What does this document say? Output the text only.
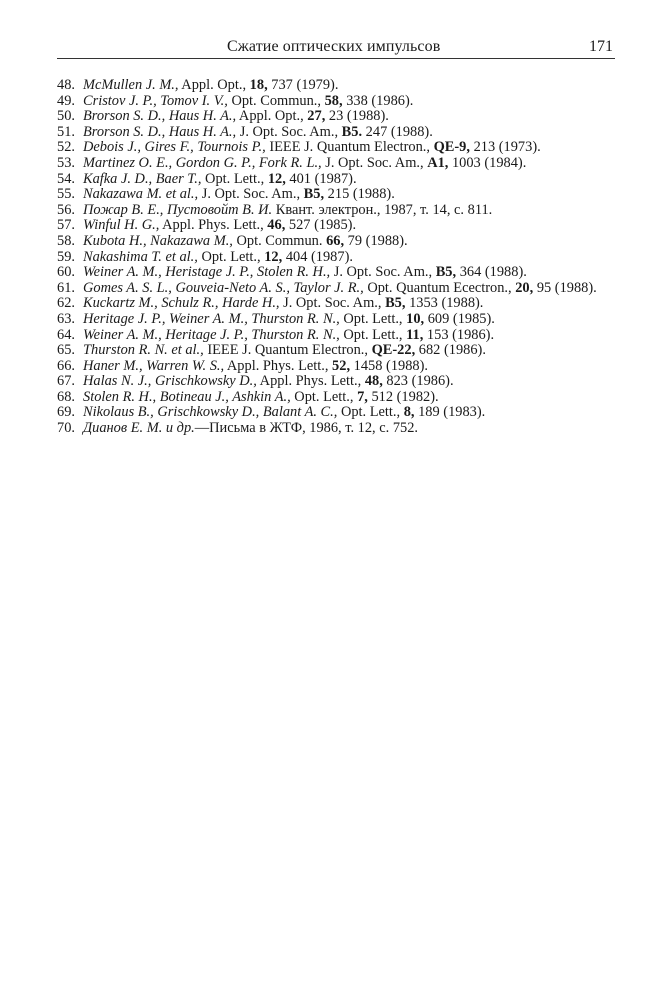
Сжатие оптических импульсов	171
48. McMullen J. M., Appl. Opt., 18, 737 (1979).
49. Cristov J. P., Tomov I. V., Opt. Commun., 58, 338 (1986).
50. Brorson S. D., Haus H. A., Appl. Opt., 27, 23 (1988).
51. Brorson S. D., Haus H. A., J. Opt. Soc. Am., B5. 247 (1988).
52. Debois J., Gires F., Tournois P., IEEE J. Quantum Electron., QE-9, 213 (1973).
53. Martinez O. E., Gordon G. P., Fork R. L., J. Opt. Soc. Am., A1, 1003 (1984).
54. Kafka J. D., Baer T., Opt. Lett., 12, 401 (1987).
55. Nakazawa M. et al., J. Opt. Soc. Am., B5, 215 (1988).
56. Пожар В. Е., Пустовойт В. И. Квант. электрон., 1987, т. 14, с. 811.
57. Winful H. G., Appl. Phys. Lett., 46, 527 (1985).
58. Kubota H., Nakazawa M., Opt. Commun. 66, 79 (1988).
59. Nakashima T. et al., Opt. Lett., 12, 404 (1987).
60. Weiner A. M., Heristage J. P., Stolen R. H., J. Opt. Soc. Am., B5, 364 (1988).
61. Gomes A. S. L., Gouveia-Neto A. S., Taylor J. R., Opt. Quantum Ecectron., 20, 95 (1988).
62. Kuckartz M., Schulz R., Harde H., J. Opt. Soc. Am., B5, 1353 (1988).
63. Heritage J. P., Weiner A. M., Thurston R. N., Opt. Lett., 10, 609 (1985).
64. Weiner A. M., Heritage J. P., Thurston R. N., Opt. Lett., 11, 153 (1986).
65. Thurston R. N. et al., IEEE J. Quantum Electron., QE-22, 682 (1986).
66. Haner M., Warren W. S., Appl. Phys. Lett., 52, 1458 (1988).
67. Halas N. J., Grischkowsky D., Appl. Phys. Lett., 48, 823 (1986).
68. Stolen R. H., Botineau J., Ashkin A., Opt. Lett., 7, 512 (1982).
69. Nikolaus B., Grischkowsky D., Balant A. C., Opt. Lett., 8, 189 (1983).
70. Дианов Е. М. и др.—Письма в ЖТФ, 1986, т. 12, с. 752.
